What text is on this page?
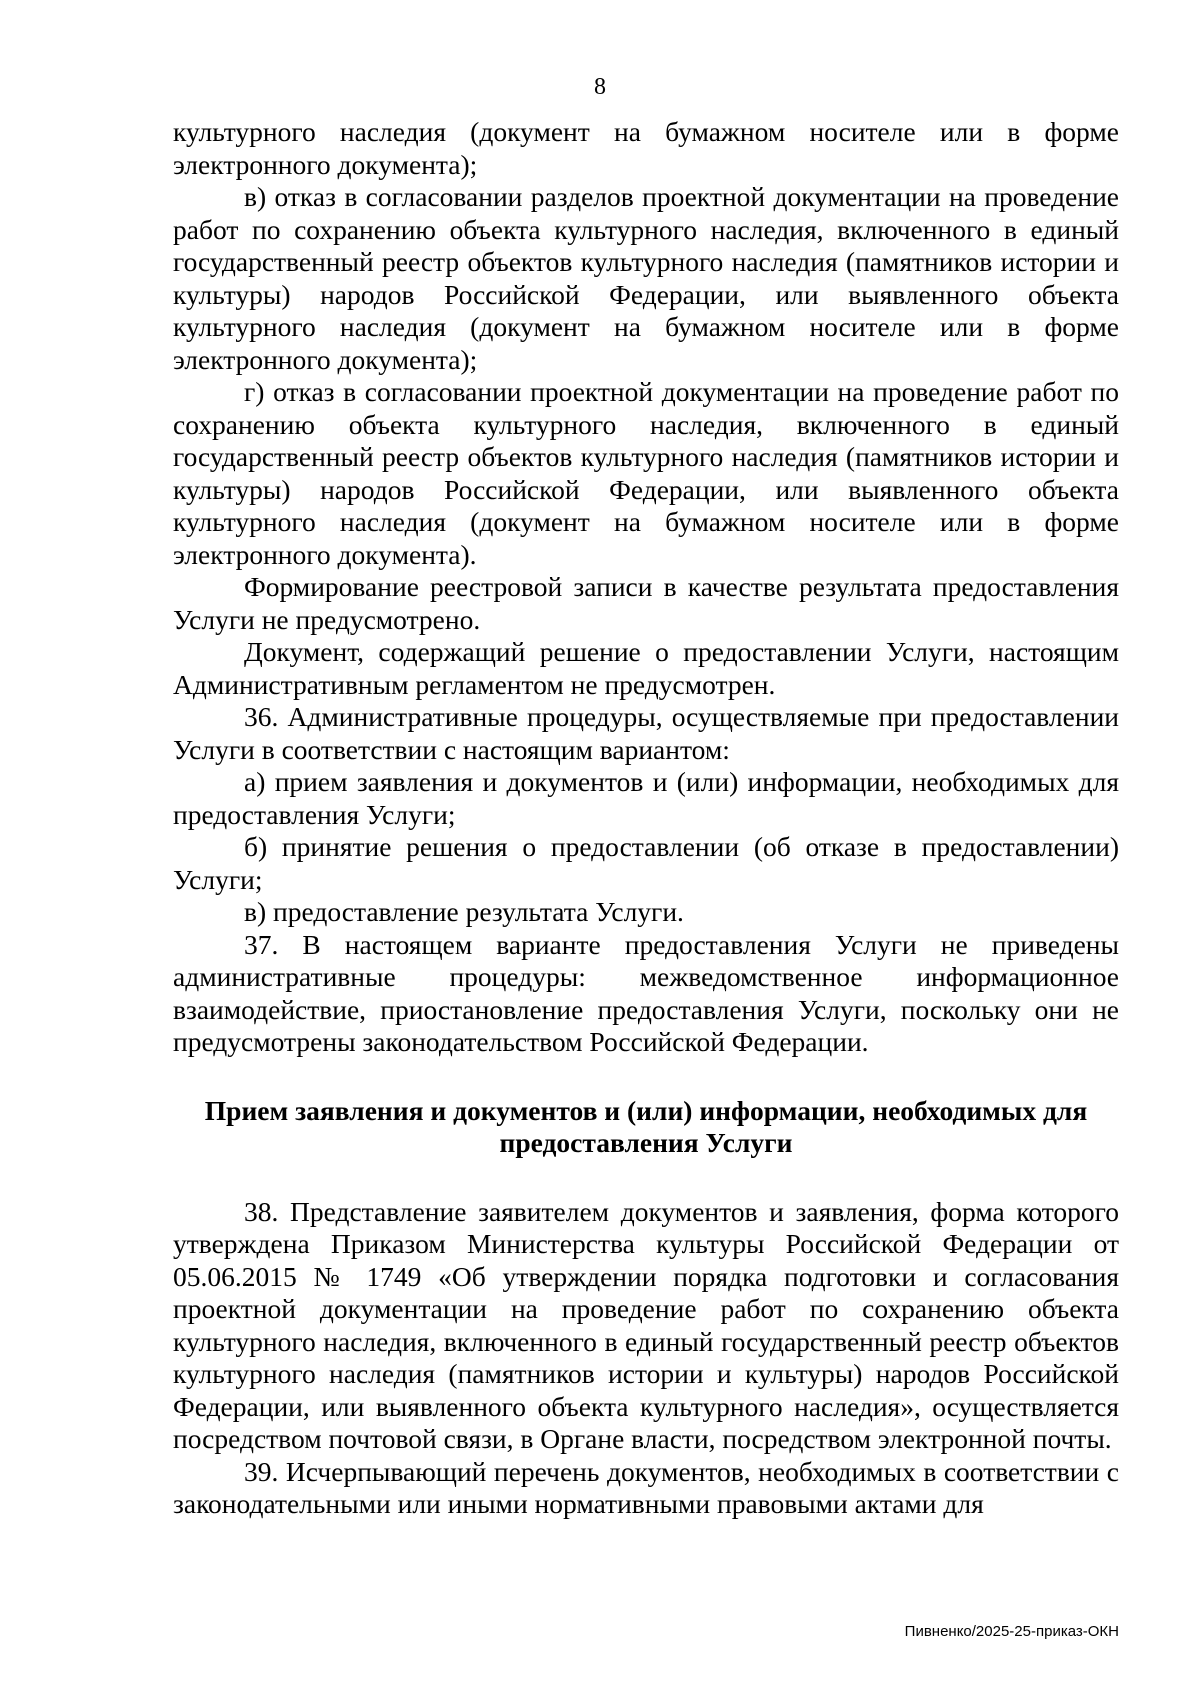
8

культурного наследия (документ на бумажном носителе или в форме электронного документа);

в) отказ в согласовании разделов проектной документации на проведение работ по сохранению объекта культурного наследия, включенного в единый государственный реестр объектов культурного наследия (памятников истории и культуры) народов Российской Федерации, или выявленного объекта культурного наследия (документ на бумажном носителе или в форме электронного документа);

г) отказ в согласовании проектной документации на проведение работ по сохранению объекта культурного наследия, включенного в единый государственный реестр объектов культурного наследия (памятников истории и культуры) народов Российской Федерации, или выявленного объекта культурного наследия (документ на бумажном носителе или в форме электронного документа).

Формирование реестровой записи в качестве результата предоставления Услуги не предусмотрено.

Документ, содержащий решение о предоставлении Услуги, настоящим Административным регламентом не предусмотрен.

36. Административные процедуры, осуществляемые при предоставлении Услуги в соответствии с настоящим вариантом:

а) прием заявления и документов и (или) информации, необходимых для предоставления Услуги;

б) принятие решения о предоставлении (об отказе в предоставлении) Услуги;

в) предоставление результата Услуги.

37. В настоящем варианте предоставления Услуги не приведены административные процедуры: межведомственное информационное взаимодействие, приостановление предоставления Услуги, поскольку они не предусмотрены законодательством Российской Федерации.

Прием заявления и документов и (или) информации, необходимых для предоставления Услуги

38. Представление заявителем документов и заявления, форма которого утверждена Приказом Министерства культуры Российской Федерации от 05.06.2015 № 1749 «Об утверждении порядка подготовки и согласования проектной документации на проведение работ по сохранению объекта культурного наследия, включенного в единый государственный реестр объектов культурного наследия (памятников истории и культуры) народов Российской Федерации, или выявленного объекта культурного наследия», осуществляется посредством почтовой связи, в Органе власти, посредством электронной почты.

39. Исчерпывающий перечень документов, необходимых в соответствии с законодательными или иными нормативными правовыми актами для

Пивненко/2025-25-приказ-ОКН
